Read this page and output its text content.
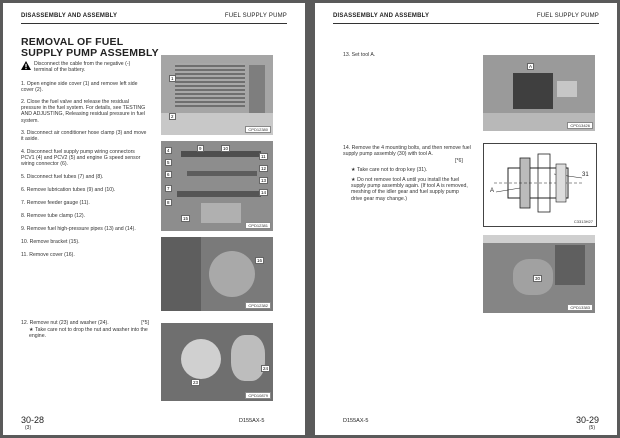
DISASSEMBLY AND ASSEMBLY	FUEL SUPPLY PUMP
REMOVAL OF FUEL SUPPLY PUMP ASSEMBLY
Disconnect the cable from the negative (-) terminal of the battery.
1. Open engine side cover (1) and remove left side cover (2).
2. Close the fuel valve and release the residual pressure in the fuel system. For details, see TESTING AND ADJUSTING, Releasing residual pressure in fuel system.
3. Disconnect air conditioner hose clamp (3) and move it aside.
4. Disconnect fuel supply pump wiring connectors PCV1 (4) and PCV2 (5) and engine G speed sensor wiring connector (6).
5. Disconnect fuel tubes (7) and (8).
6. Remove lubrication tubes (9) and (10).
7. Remove feeder gauge (11).
8. Remove tube clamp (12).
9. Remove fuel high-pressure pipes (13) and (14).
10. Remove bracket (15).
11. Remove cover (16).
12. Remove nut (23) and washer (24).	[*5]
★ Take care not to drop the nut and washer into the engine.
1
2
CPD12380
4
5
6
7
8
9	10
11
12
13
14
15
CPD12381
16
CPD12382
23
24
CPD10879
30-28
(3)
D155AX-5
DISASSEMBLY AND ASSEMBLY	FUEL SUPPLY PUMP
13. Set tool A.
14. Remove the 4 mounting bolts, and then remove fuel supply pump assembly (30) with tool A.
[*6]
★ Take care not to drop key (31).
★ Do not remove tool A until you install the fuel supply pump assembly again. (If tool A is removed, meshing of the idler gear and fuel supply pump drive gear may change.)
A
CPD13426
A
31
C3313H27
30
CPD13383
D155AX-5	30-29
(5)
